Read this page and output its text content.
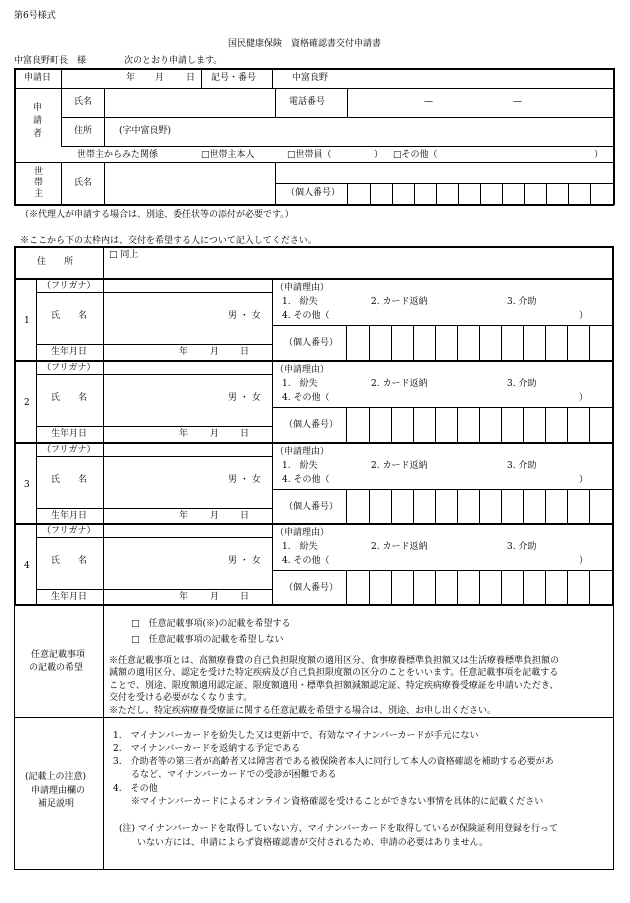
第6号様式
国民健康保険　資格確認書交付申請書
中富良野町長　様	次のとおり申請します。
申請日	年 月 日 記号・番号	中富良野
申請者	氏名	電話番号	—	—
住所	(字中富良野)
世帯主からみた関係	□世帯主本人	□世帯員（	） □その他（	）
世帯主	氏名
（個人番号）
（※代理人が申請する場合は、別途、委任状等の添付が必要です。）
※ここから下の太枠内は、交付を希望する人について記入してください。
住　　所
□ 同上
1
（フリガナ）
氏　　名	男 ・ 女
生年月日	年 月 日
（申請理由）
1.　紛失	2. カード返納	3. 介助
4. その他（	）
（個人番号）
2
（フリガナ）
氏　　名	男 ・ 女
生年月日	年 月 日
（申請理由）
1.　紛失	2. カード返納	3. 介助
4. その他（	）
（個人番号）
3
（フリガナ）
氏　　名	男 ・ 女
生年月日	年 月 日
（申請理由）
1.　紛失	2. カード返納	3. 介助
4. その他（	）
（個人番号）
4
（フリガナ）
氏　　名	男 ・ 女
生年月日	年 月 日
（申請理由）
1.　紛失	2. カード返納	3. 介助
4. その他（	）
（個人番号）
任意記載事項
の記載の希望
□　任意記載事項(※)の記載を希望する
□　任意記載事項の記載を希望しない
※任意記載事項とは、高額療養費の自己負担限度額の適用区分、食事療養標準負担額又は生活療養標準負担額の
減額の適用区分、認定を受けた特定疾病及び自己負担限度額の区分のことをいいます。任意記載事項を記載する
ことで、別途、限度額適用認定証、限度額適用・標準負担額減額認定証、特定疾病療養受療証を申請いただき、
交付を受ける必要がなくなります。
※ただし、特定疾病療養受療証に関する任意記載を希望する場合は、別途、お申し出ください。
(記載上の注意)
申請理由欄の
補足説明
1.　マイナンバーカードを紛失した又は更新中で、有効なマイナンバーカードが手元にない
2.　マイナンバーカードを返納する予定である
3.　介助者等の第三者が高齢者又は障害者である被保険者本人に同行して本人の資格確認を補助する必要があ
　　るなど、マイナンバーカードでの受診が困難である
4.　その他
　　※マイナンバーカードによるオンライン資格確認を受けることができない事情を具体的に記載ください
(注) マイナンバーカードを取得していない方、マイナンバーカードを取得しているが保険証利用登録を行って
　　いない方には、申請によらず資格確認書が交付されるため、申請の必要はありません。
